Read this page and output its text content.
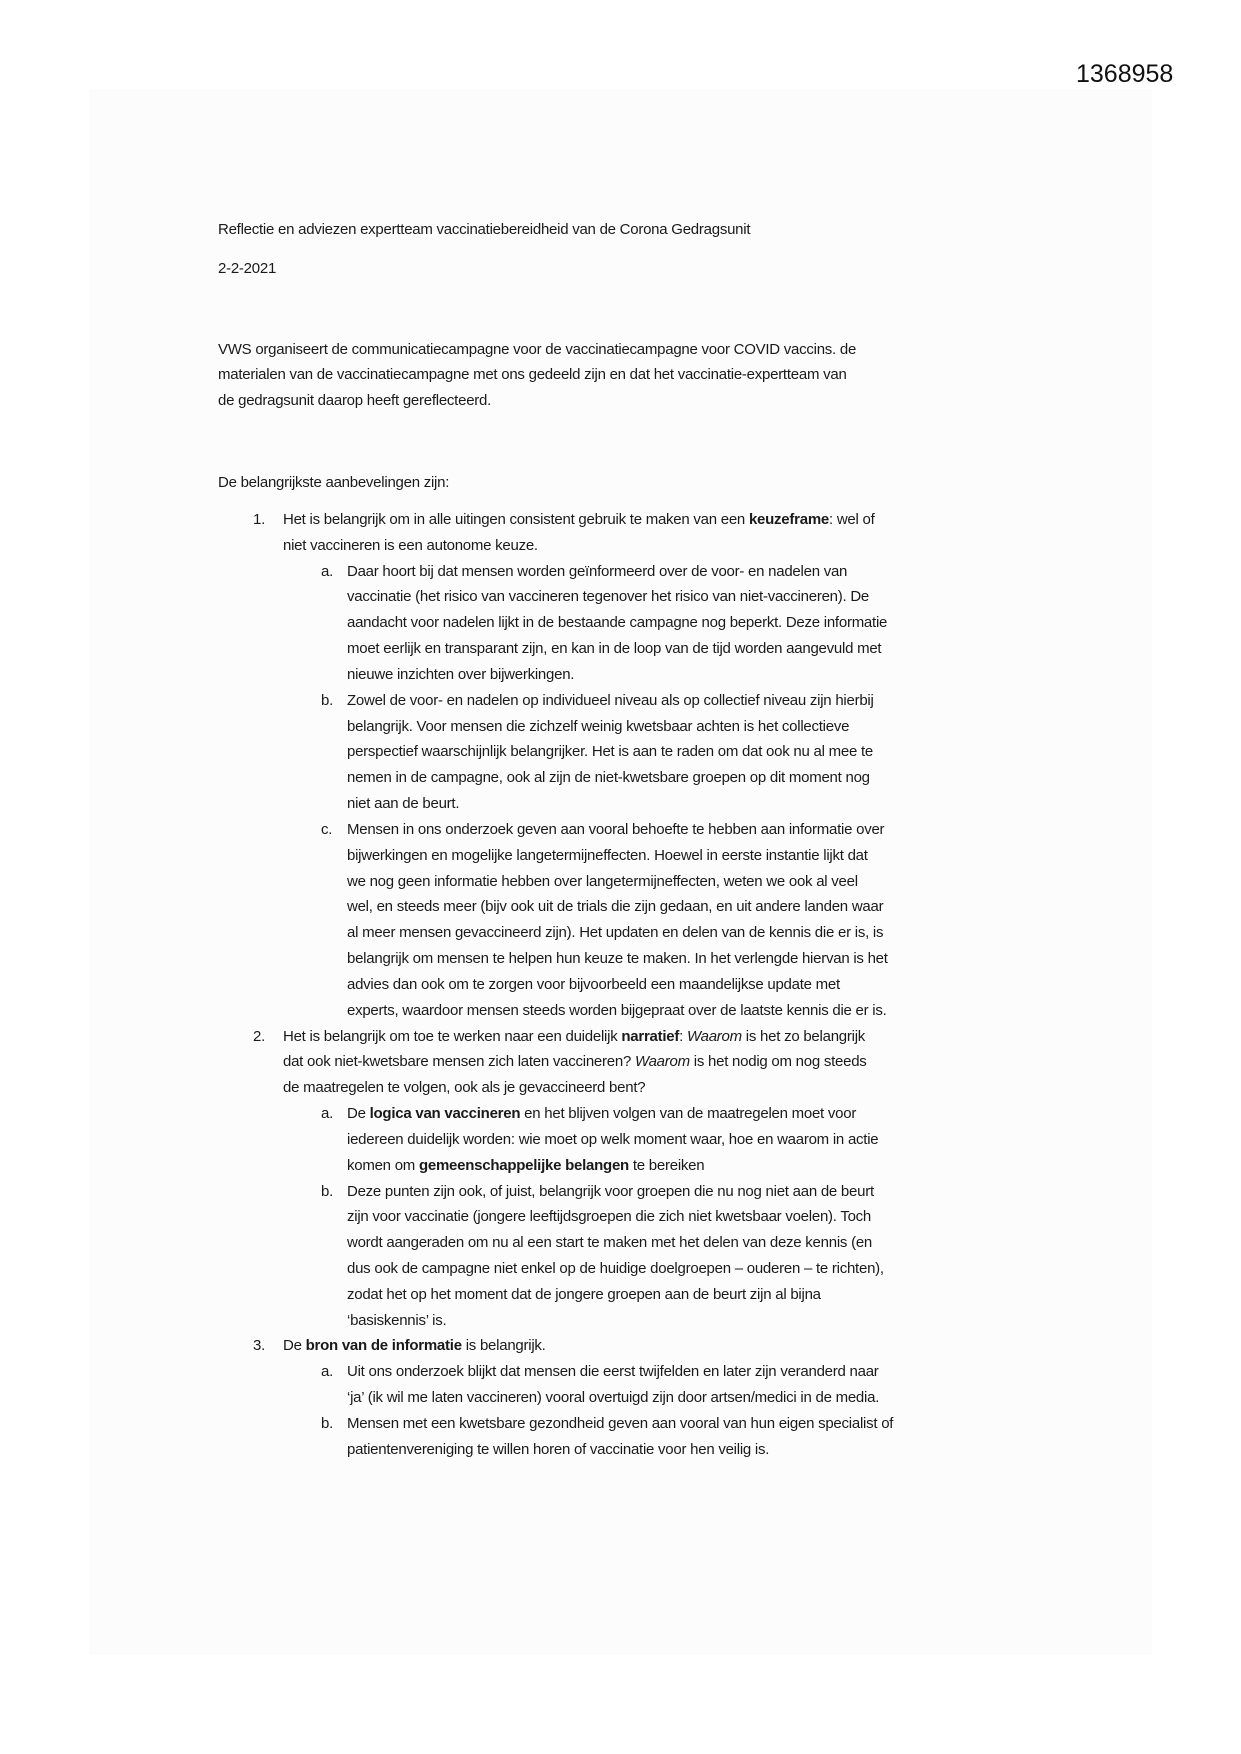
1368958
Reflectie en adviezen expertteam vaccinatiebereidheid van de Corona Gedragsunit
2-2-2021
VWS organiseert de communicatiecampagne voor de vaccinatiecampagne voor COVID vaccins. de
materialen van de vaccinatiecampagne met ons gedeeld zijn en dat het vaccinatie-expertteam van
de gedragsunit daarop heeft gereflecteerd.
De belangrijkste aanbevelingen zijn:
1. Het is belangrijk om in alle uitingen consistent gebruik te maken van een keuzeframe: wel of
niet vaccineren is een autonome keuze.
a. Daar hoort bij dat mensen worden geïnformeerd over de voor- en nadelen van
vaccinatie (het risico van vaccineren tegenover het risico van niet-vaccineren). De
aandacht voor nadelen lijkt in de bestaande campagne nog beperkt. Deze informatie
moet eerlijk en transparant zijn, en kan in de loop van de tijd worden aangevuld met
nieuwe inzichten over bijwerkingen.
b. Zowel de voor- en nadelen op individueel niveau als op collectief niveau zijn hierbij
belangrijk. Voor mensen die zichzelf weinig kwetsbaar achten is het collectieve
perspectief waarschijnlijk belangrijker. Het is aan te raden om dat ook nu al mee te
nemen in de campagne, ook al zijn de niet-kwetsbare groepen op dit moment nog
niet aan de beurt.
c. Mensen in ons onderzoek geven aan vooral behoefte te hebben aan informatie over
bijwerkingen en mogelijke langetermijneffecten. Hoewel in eerste instantie lijkt dat
we nog geen informatie hebben over langetermijneffecten, weten we ook al veel
wel, en steeds meer (bijv ook uit de trials die zijn gedaan, en uit andere landen waar
al meer mensen gevaccineerd zijn). Het updaten en delen van de kennis die er is, is
belangrijk om mensen te helpen hun keuze te maken. In het verlengde hiervan is het
advies dan ook om te zorgen voor bijvoorbeeld een maandelijkse update met
experts, waardoor mensen steeds worden bijgepraat over de laatste kennis die er is.
2. Het is belangrijk om toe te werken naar een duidelijk narratief: Waarom is het zo belangrijk
dat ook niet-kwetsbare mensen zich laten vaccineren? Waarom is het nodig om nog steeds
de maatregelen te volgen, ook als je gevaccineerd bent?
a. De logica van vaccineren en het blijven volgen van de maatregelen moet voor
iedereen duidelijk worden: wie moet op welk moment waar, hoe en waarom in actie
komen om gemeenschappelijke belangen te bereiken
b. Deze punten zijn ook, of juist, belangrijk voor groepen die nu nog niet aan de beurt
zijn voor vaccinatie (jongere leeftijdsgroepen die zich niet kwetsbaar voelen). Toch
wordt aangeraden om nu al een start te maken met het delen van deze kennis (en
dus ook de campagne niet enkel op de huidige doelgroepen – ouderen – te richten),
zodat het op het moment dat de jongere groepen aan de beurt zijn al bijna
‘basiskennis’ is.
3. De bron van de informatie is belangrijk.
a. Uit ons onderzoek blijkt dat mensen die eerst twijfelden en later zijn veranderd naar
‘ja’ (ik wil me laten vaccineren) vooral overtuigd zijn door artsen/medici in de media.
b. Mensen met een kwetsbare gezondheid geven aan vooral van hun eigen specialist of
patientenvereniging te willen horen of vaccinatie voor hen veilig is.
